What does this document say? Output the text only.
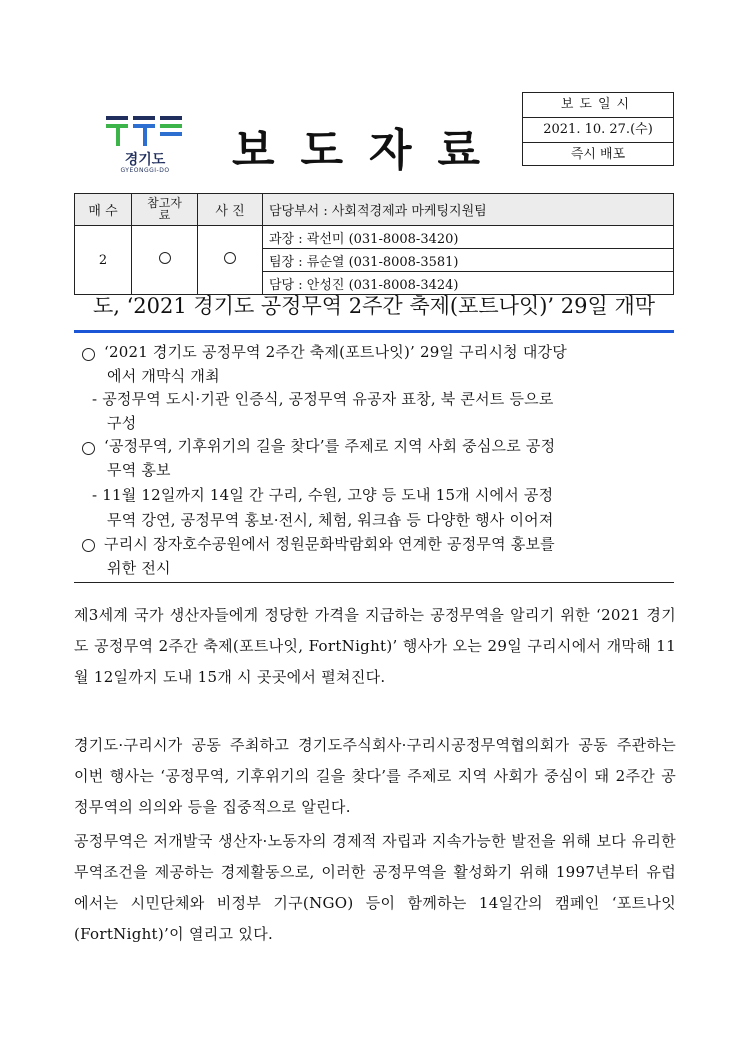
경기도
GYEONGGI-DO	보도자료
보도일시
2021. 10. 27.(수)
즉시 배포
매 수	참고자료	사 진	담당부서 : 사회적경제과 마케팅지원팀
2			과장 : 곽선미 (031-8008-3420)
			팀장 : 류순열 (031-8008-3581)
			담당 : 안성진 (031-8008-3424)
도, ‘2021 경기도 공정무역 2주간 축제(포트나잇)’ 29일 개막
‘2021 경기도 공정무역 2주간 축제(포트나잇)’ 29일 구리시청 대강당
에서 개막식 개최
- 공정무역 도시·기관 인증식, 공정무역 유공자 표창, 북 콘서트 등으로
구성
‘공정무역, 기후위기의 길을 찾다’를 주제로 지역 사회 중심으로 공정
무역 홍보
- 11월 12일까지 14일 간 구리, 수원, 고양 등 도내 15개 시에서 공정
무역 강연, 공정무역 홍보·전시, 체험, 워크숍 등 다양한 행사 이어져
구리시 장자호수공원에서 정원문화박람회와 연계한 공정무역 홍보를
위한 전시
제3세계 국가 생산자들에게 정당한 가격을 지급하는 공정무역을 알리기 위한 ‘2021 경기도 공정무역 2주간 축제(포트나잇, FortNight)’ 행사가 오는 29일 구리시에서 개막해 11월 12일까지 도내 15개 시 곳곳에서 펼쳐진다.
경기도·구리시가 공동 주최하고 경기도주식회사·구리시공정무역협의회가 공동 주관하는 이번 행사는 ‘공정무역, 기후위기의 길을 찾다’를 주제로 지역 사회가 중심이 돼 2주간 공정무역의 의의와 등을 집중적으로 알린다.
공정무역은 저개발국 생산자·노동자의 경제적 자립과 지속가능한 발전을 위해 보다 유리한 무역조건을 제공하는 경제활동으로, 이러한 공정무역을 활성화기 위해 1997년부터 유럽에서는 시민단체와 비정부 기구(NGO) 등이 함께하는 14일간의 캠페인 ‘포트나잇(FortNight)’이 열리고 있다.
